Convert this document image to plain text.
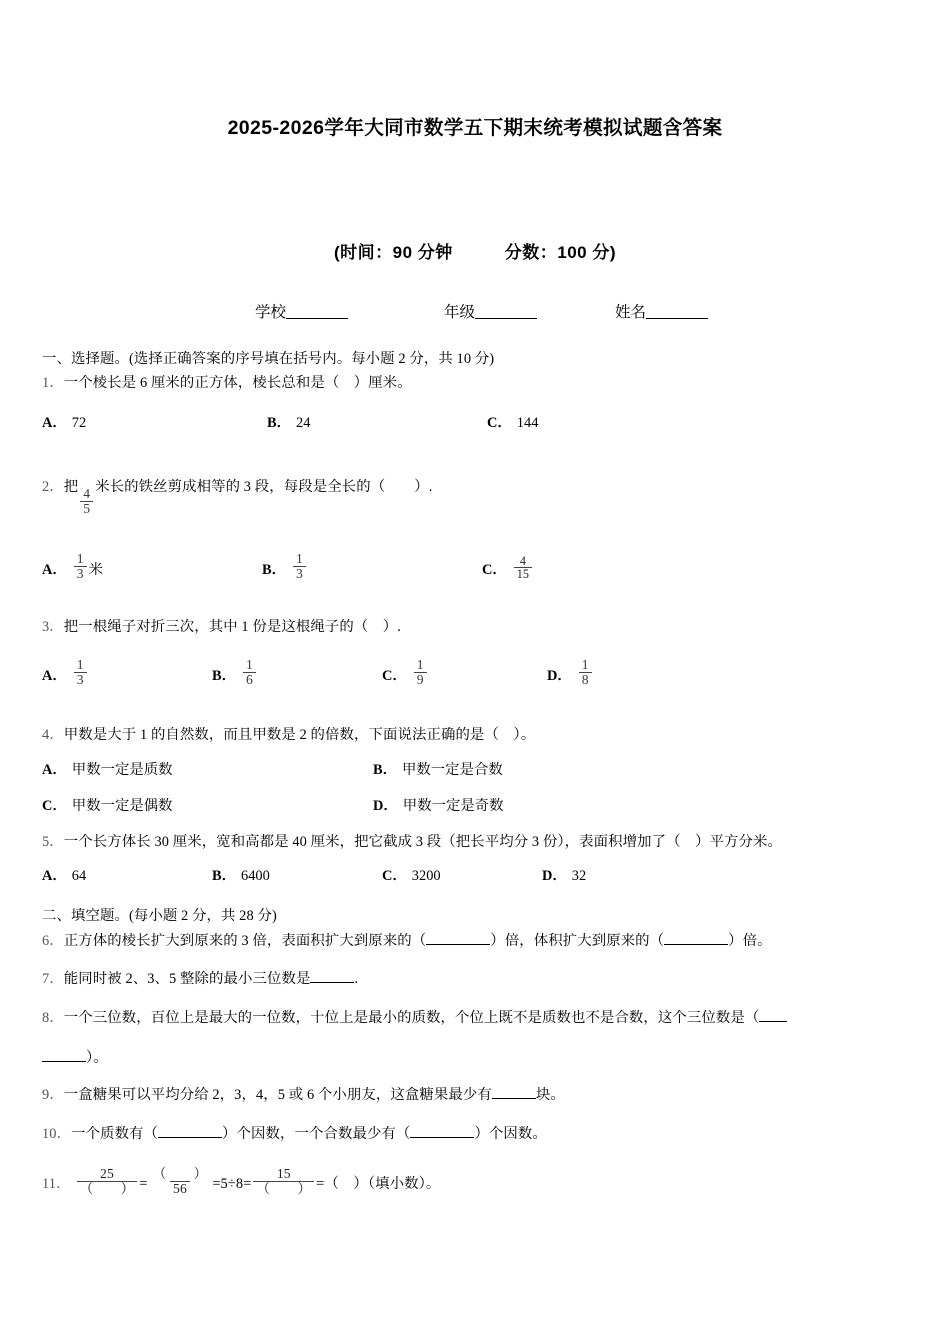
2025-2026学年大同市数学五下期末统考模拟试题含答案
(时间：90 分钟	分数：100 分)
学校	年级	姓名
一、选择题。(选择正确答案的序号填在括号内。每小题 2 分，共 10 分)
1．一个棱长是 6 厘米的正方体，棱长总和是（　）厘米。
A． 72	B． 24	C． 144
2．把
$\frac{4}{5}$
米长的铁丝剪成相等的 3 段，每段是全长的（　　）.
A． $\frac{1}{3}$ 米	B． $\frac{1}{3}$	C． $\frac{4}{15}$
3．把一根绳子对折三次，其中 1 份是这根绳子的（　）.
A． $\frac{1}{3}$	B． $\frac{1}{6}$	C． $\frac{1}{9}$	D． $\frac{1}{8}$
4．甲数是大于 1 的自然数，而且甲数是 2 的倍数，下面说法正确的是（　）。
A． 甲数一定是质数	B． 甲数一定是合数
C． 甲数一定是偶数	D． 甲数一定是奇数
5．一个长方体长 30 厘米，宽和高都是 40 厘米，把它截成 3 段（把长平均分 3 份），表面积增加了（　）平方分米。
A． 64	B． 6400	C． 3200	D． 32
二、填空题。(每小题 2 分，共 28 分)
6．正方体的棱长扩大到原来的 3 倍，表面积扩大到原来的（	）倍，体积扩大到原来的（	）倍。
7．能同时被 2、3、5 整除的最小三位数是	.
8．一个三位数，百位上是最大的一位数，十位上是最小的质数，个位上既不是质数也不是合数，这个三位数是（
）。
9．一盒糖果可以平均分给 2，3，4，5 或 6 个小朋友，这盒糖果最少有	块。
10．一个质数有（	）个因数，一个合数最少有（	）个因数。
11． $\frac{25}{( )} = \frac{( )}{56} =5\div 8= \frac{15}{( )}$ =（　）（填小数）。
